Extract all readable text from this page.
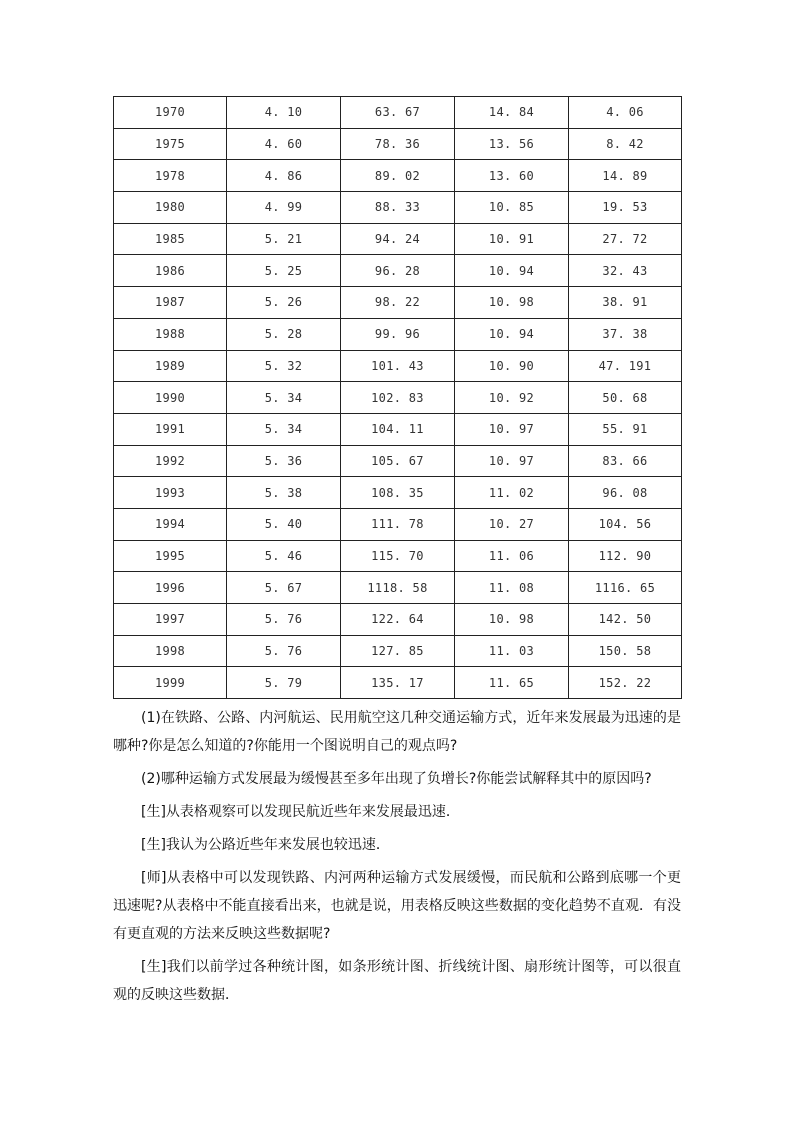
1970	4. 10	63. 67	14. 84	4. 06
1975	4. 60	78. 36	13. 56	8. 42
1978	4. 86	89. 02	13. 60	14. 89
1980	4. 99	88. 33	10. 85	19. 53
1985	5. 21	94. 24	10. 91	27. 72
1986	5. 25	96. 28	10. 94	32. 43
1987	5. 26	98. 22	10. 98	38. 91
1988	5. 28	99. 96	10. 94	37. 38
1989	5. 32	101. 43	10. 90	47. 191
1990	5. 34	102. 83	10. 92	50. 68
1991	5. 34	104. 11	10. 97	55. 91
1992	5. 36	105. 67	10. 97	83. 66
1993	5. 38	108. 35	11. 02	96. 08
1994	5. 40	111. 78	10. 27	104. 56
1995	5. 46	115. 70	11. 06	112. 90
1996	5. 67	1118. 58	11. 08	1116. 65
1997	5. 76	122. 64	10. 98	142. 50
1998	5. 76	127. 85	11. 03	150. 58
1999	5. 79	135. 17	11. 65	152. 22

(1)在铁路、公路、内河航运、民用航空这几种交通运输方式，近年来发展最为迅速的是哪种?你是怎么知道的?你能用一个图说明自己的观点吗?

(2)哪种运输方式发展最为缓慢甚至多年出现了负增长?你能尝试解释其中的原因吗?

[生]从表格观察可以发现民航近些年来发展最迅速．

[生]我认为公路近些年来发展也较迅速．

[师]从表格中可以发现铁路、内河两种运输方式发展缓慢，而民航和公路到底哪一个更迅速呢?从表格中不能直接看出来，也就是说，用表格反映这些数据的变化趋势不直观．有没有更直观的方法来反映这些数据呢?

[生]我们以前学过各种统计图，如条形统计图、折线统计图、扇形统计图等，可以很直观的反映这些数据．
